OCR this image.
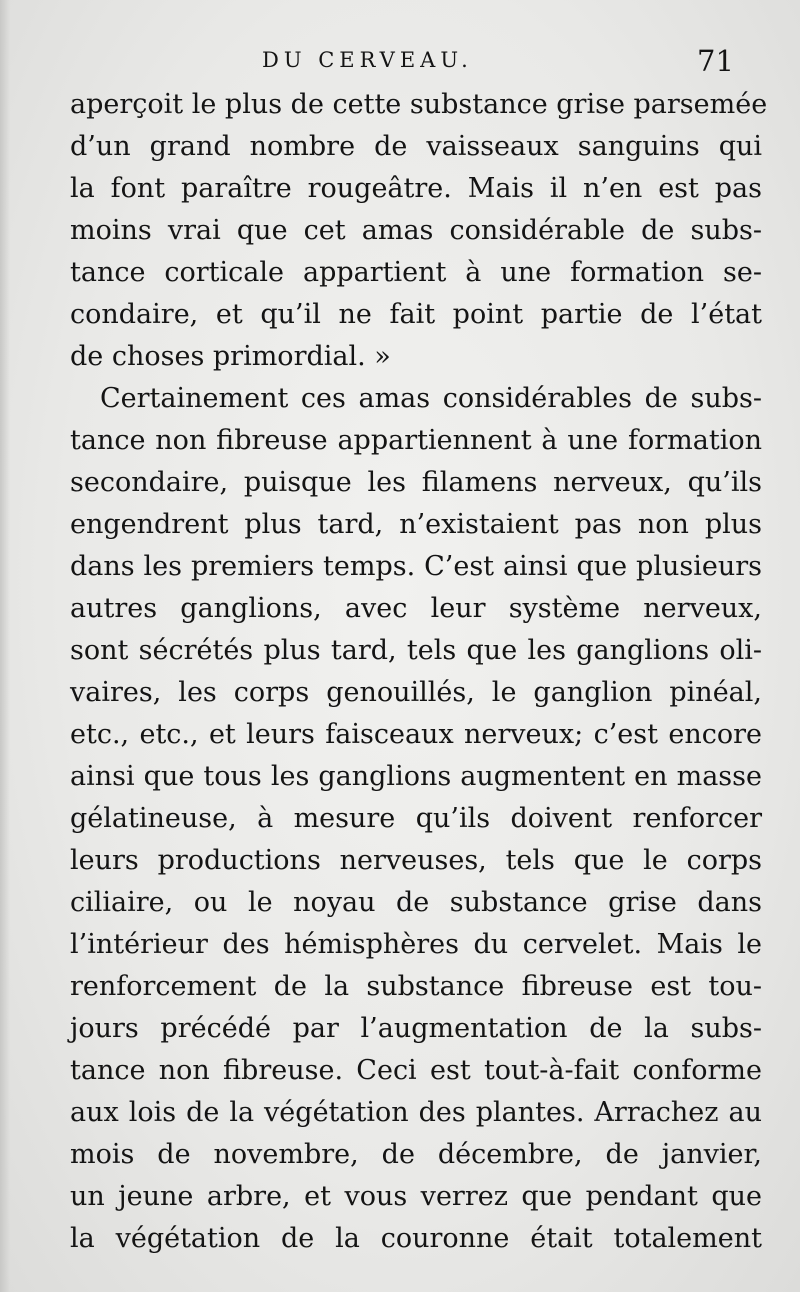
DU CERVEAU.	71
aperçoit le plus de cette substance grise parsemée
d’un grand nombre de vaisseaux sanguins qui
la font paraître rougeâtre. Mais il n’en est pas
moins vrai que cet amas considérable de subs-
tance corticale appartient à une formation se-
condaire, et qu’il ne fait point partie de l’état
de choses primordial. »
Certainement ces amas considérables de subs-
tance non fibreuse appartiennent à une formation
secondaire, puisque les filamens nerveux, qu’ils
engendrent plus tard, n’existaient pas non plus
dans les premiers temps. C’est ainsi que plusieurs
autres ganglions, avec leur système nerveux,
sont sécrétés plus tard, tels que les ganglions oli-
vaires, les corps genouillés, le ganglion pinéal,
etc., etc., et leurs faisceaux nerveux; c’est encore
ainsi que tous les ganglions augmentent en masse
gélatineuse, à mesure qu’ils doivent renforcer
leurs productions nerveuses, tels que le corps
ciliaire, ou le noyau de substance grise dans
l’intérieur des hémisphères du cervelet. Mais le
renforcement de la substance fibreuse est tou-
jours précédé par l’augmentation de la subs-
tance non fibreuse. Ceci est tout-à-fait conforme
aux lois de la végétation des plantes. Arrachez au
mois de novembre, de décembre, de janvier,
un jeune arbre, et vous verrez que pendant que
la végétation de la couronne était totalement
